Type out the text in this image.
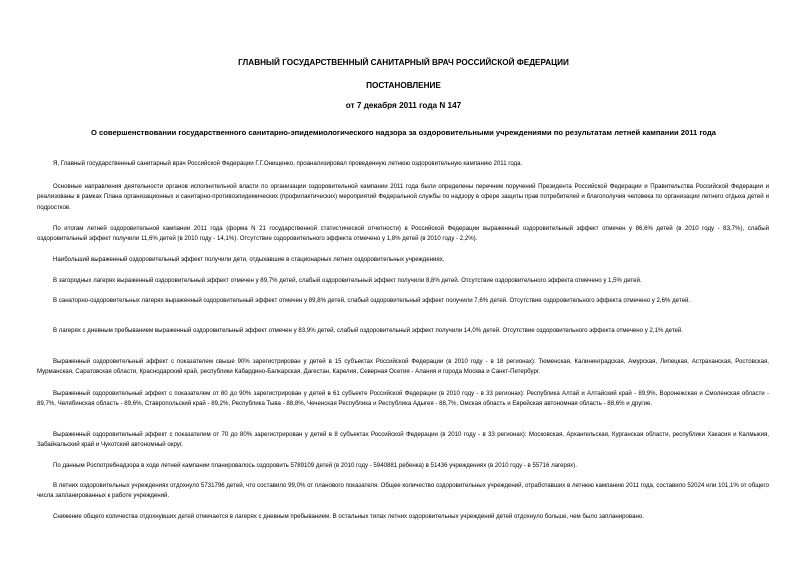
ГЛАВНЫЙ ГОСУДАРСТВЕННЫЙ САНИТАРНЫЙ ВРАЧ РОССИЙСКОЙ ФЕДЕРАЦИИ
ПОСТАНОВЛЕНИЕ
от 7 декабря 2011 года N 147
О совершенствовании государственного санитарно-эпидемиологического надзора за оздоровительными учреждениями по результатам летней кампании 2011 года
Я, Главный государственный санитарный врач Российской Федерации Г.Г.Онищенко, проанализировал проведенную летнюю оздоровительную кампанию 2011 года.
Основные направления деятельности органов исполнительной власти по организации оздоровительной кампании 2011 года были определены перечнем поручений Президента Российской Федерации и Правительства Российской Федерации и реализованы в рамках Плана организационных и санитарно-противоэпидемических (профилактических) мероприятий Федеральной службы по надзору в сфере защиты прав потребителей и благополучия человека по организации летнего отдыха детей и подростков.
По итогам летней оздоровительной кампании 2011 года (форма N 21 государственной статистической отчетности) в Российской Федерации выраженный оздоровительный эффект отмечен у 86,6% детей (в 2010 году - 83,7%), слабый оздоровительный эффект получили 11,6% детей (в 2010 году - 14,1%). Отсутствие оздоровительного эффекта отмечено у 1,8% детей (в 2010 году - 2,2%).
Наибольший выраженный оздоровительный эффект получили дети, отдыхавшие в стационарных летних оздоровительных учреждениях.
В загородных лагерях выраженный оздоровительный эффект отмечен у 89,7% детей, слабый оздоровительный эффект получили 8,8% детей. Отсутствие оздоровительного эффекта отмечено у 1,5% детей.
В санаторно-оздоровительных лагерях выраженный оздоровительный эффект отмечен у 89,8% детей, слабый оздоровительный эффект получили 7,6% детей. Отсутствие оздоровительного эффекта отмечено у 2,6% детей.
В лагерях с дневным пребыванием выраженный оздоровительный эффект отмечен у 83,9% детей, слабый оздоровительный эффект получили 14,0% детей. Отсутствие оздоровительного эффекта отмечено у 2,1% детей.
Выраженный оздоровительный эффект с показателем свыше 90% зарегистрирован у детей в 15 субъектах Российской Федерации (в 2010 году - в 18 регионах): Тюменская, Калининградская, Амурская, Липецкая, Астраханская, Ростовская, Мурманская, Саратовская области, Краснодарский край, республики Кабардино-Балкарская, Дагестан, Карелия, Северная Осетия - Алания и города Москва и Санкт-Петербург.
Выраженный оздоровительный эффект с показателем от 80 до 90% зарегистрирован у детей в 61 субъекте Российской Федерации (в 2010 году - в 33 регионах): Республика Алтай и Алтайский край - 89,9%, Воронежская и Смоленская области - 89,7%, Челябинская область - 89,6%, Ставропольский край - 89,2%, Республика Тыва - 88,8%, Чеченская Республика и Республика Адыгея - 88,7%, Омская область и Еврейская автономная область - 88,6% и другие.
Выраженный оздоровительный эффект с показателем от 70 до 80% зарегистрирован у детей в 8 субъектах Российской Федерации (в 2010 году - в 33 регионах): Московская, Архангельская, Курганская области, республики Хакасия и Калмыкия, Забайкальский край и Чукотский автономный округ.
По данным Роспотребнадзора в ходе летней кампании планировалось оздоровить 5789109 детей (в 2010 году - 5940881 ребенка) в 51436 учреждениях (в 2010 году - в 55716 лагерях).
В летних оздоровительных учреждениях отдохнуло 5731796 детей, что составило 99,0% от планового показателя. Общее количество оздоровительных учреждений, отработавших в летнюю кампанию 2011 года, составило 52024 или 101,1% от общего числа запланированных к работе учреждений.
Снижение общего количества отдохнувших детей отмечается в лагерях с дневным пребыванием. В остальных типах летних оздоровительных учреждений детей отдохнуло больше, чем было запланировано.
